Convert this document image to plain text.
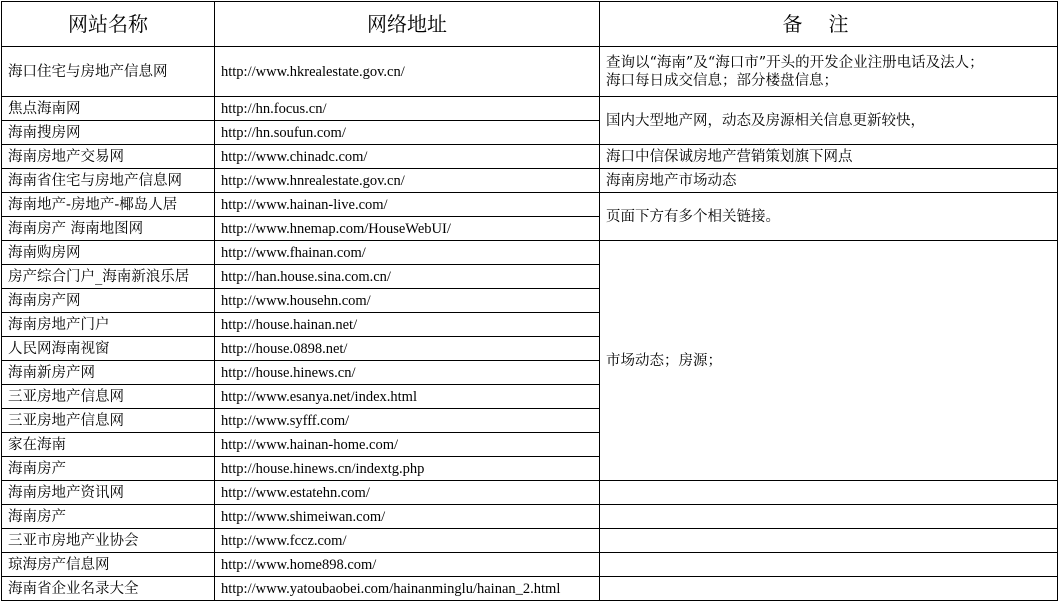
网站名称	网络地址	备注
海口住宅与房地产信息网	http://www.hkrealestate.gov.cn/	查询以“海南”及“海口市”开头的开发企业注册电话及法人；
海口每日成交信息；部分楼盘信息；
焦点海南网	http://hn.focus.cn/	国内大型地产网，动态及房源相关信息更新较快，
海南搜房网	http://hn.soufun.com/	
海南房地产交易网	http://www.chinadc.com/	海口中信保诚房地产营销策划旗下网点
海南省住宅与房地产信息网	http://www.hnrealestate.gov.cn/	海南房地产市场动态
海南地产-房地产-椰岛人居	http://www.hainan-live.com/	页面下方有多个相关链接。
海南房产 海南地图网	http://www.hnemap.com/HouseWebUI/	
海南购房网	http://www.fhainan.com/	市场动态；房源；
房产综合门户_海南新浪乐居	http://han.house.sina.com.cn/	
海南房产网	http://www.househn.com/	
海南房地产门户	http://house.hainan.net/	
人民网海南视窗	http://house.0898.net/	
海南新房产网	http://house.hinews.cn/	
三亚房地产信息网	http://www.esanya.net/index.html	
三亚房地产信息网	http://www.syfff.com/	
家在海南	http://www.hainan-home.com/	
海南房产	http://house.hinews.cn/indextg.php	
海南房地产资讯网	http://www.estatehn.com/	
海南房产	http://www.shimeiwan.com/	
三亚市房地产业协会	http://www.fccz.com/	
琼海房产信息网	http://www.home898.com/	
海南省企业名录大全	http://www.yatoubaobei.com/hainanminglu/hainan_2.html	
